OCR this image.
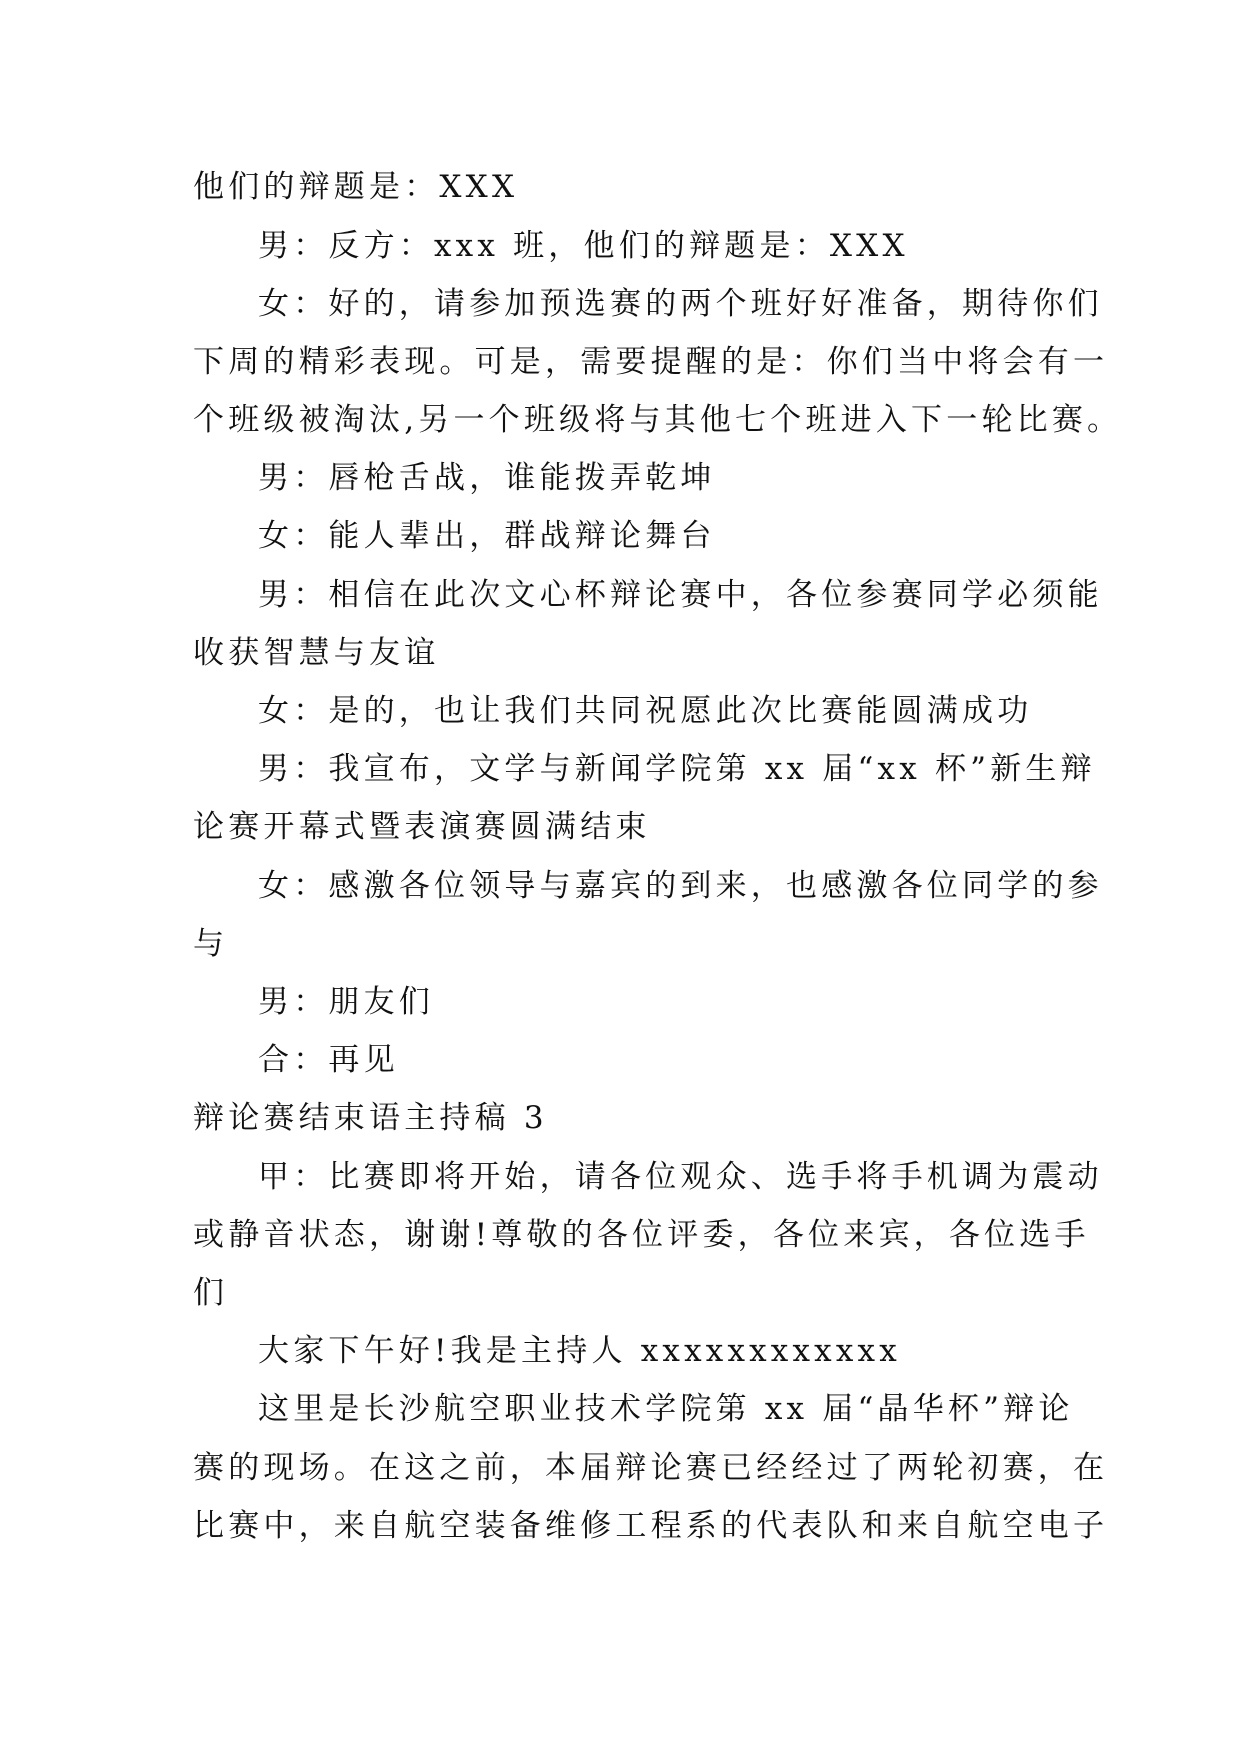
他们的辩题是：XXX
男：反方：xxx 班，他们的辩题是：XXX
女：好的，请参加预选赛的两个班好好准备，期待你们
下周的精彩表现。可是，需要提醒的是：你们当中将会有一
个班级被淘汰,另一个班级将与其他七个班进入下一轮比赛。
男：唇枪舌战，谁能拨弄乾坤
女：能人辈出，群战辩论舞台
男：相信在此次文心杯辩论赛中，各位参赛同学必须能
收获智慧与友谊
女：是的，也让我们共同祝愿此次比赛能圆满成功
男：我宣布，文学与新闻学院第 xx 届“xx 杯”新生辩
论赛开幕式暨表演赛圆满结束
女：感激各位领导与嘉宾的到来，也感激各位同学的参
与
男：朋友们
合：再见
辩论赛结束语主持稿 3
甲：比赛即将开始，请各位观众、选手将手机调为震动
或静音状态，谢谢!尊敬的各位评委，各位来宾，各位选手
们
大家下午好!我是主持人 xxxxxxxxxxxx
这里是长沙航空职业技术学院第 xx 届“晶华杯”辩论
赛的现场。在这之前，本届辩论赛已经经过了两轮初赛，在
比赛中，来自航空装备维修工程系的代表队和来自航空电子
